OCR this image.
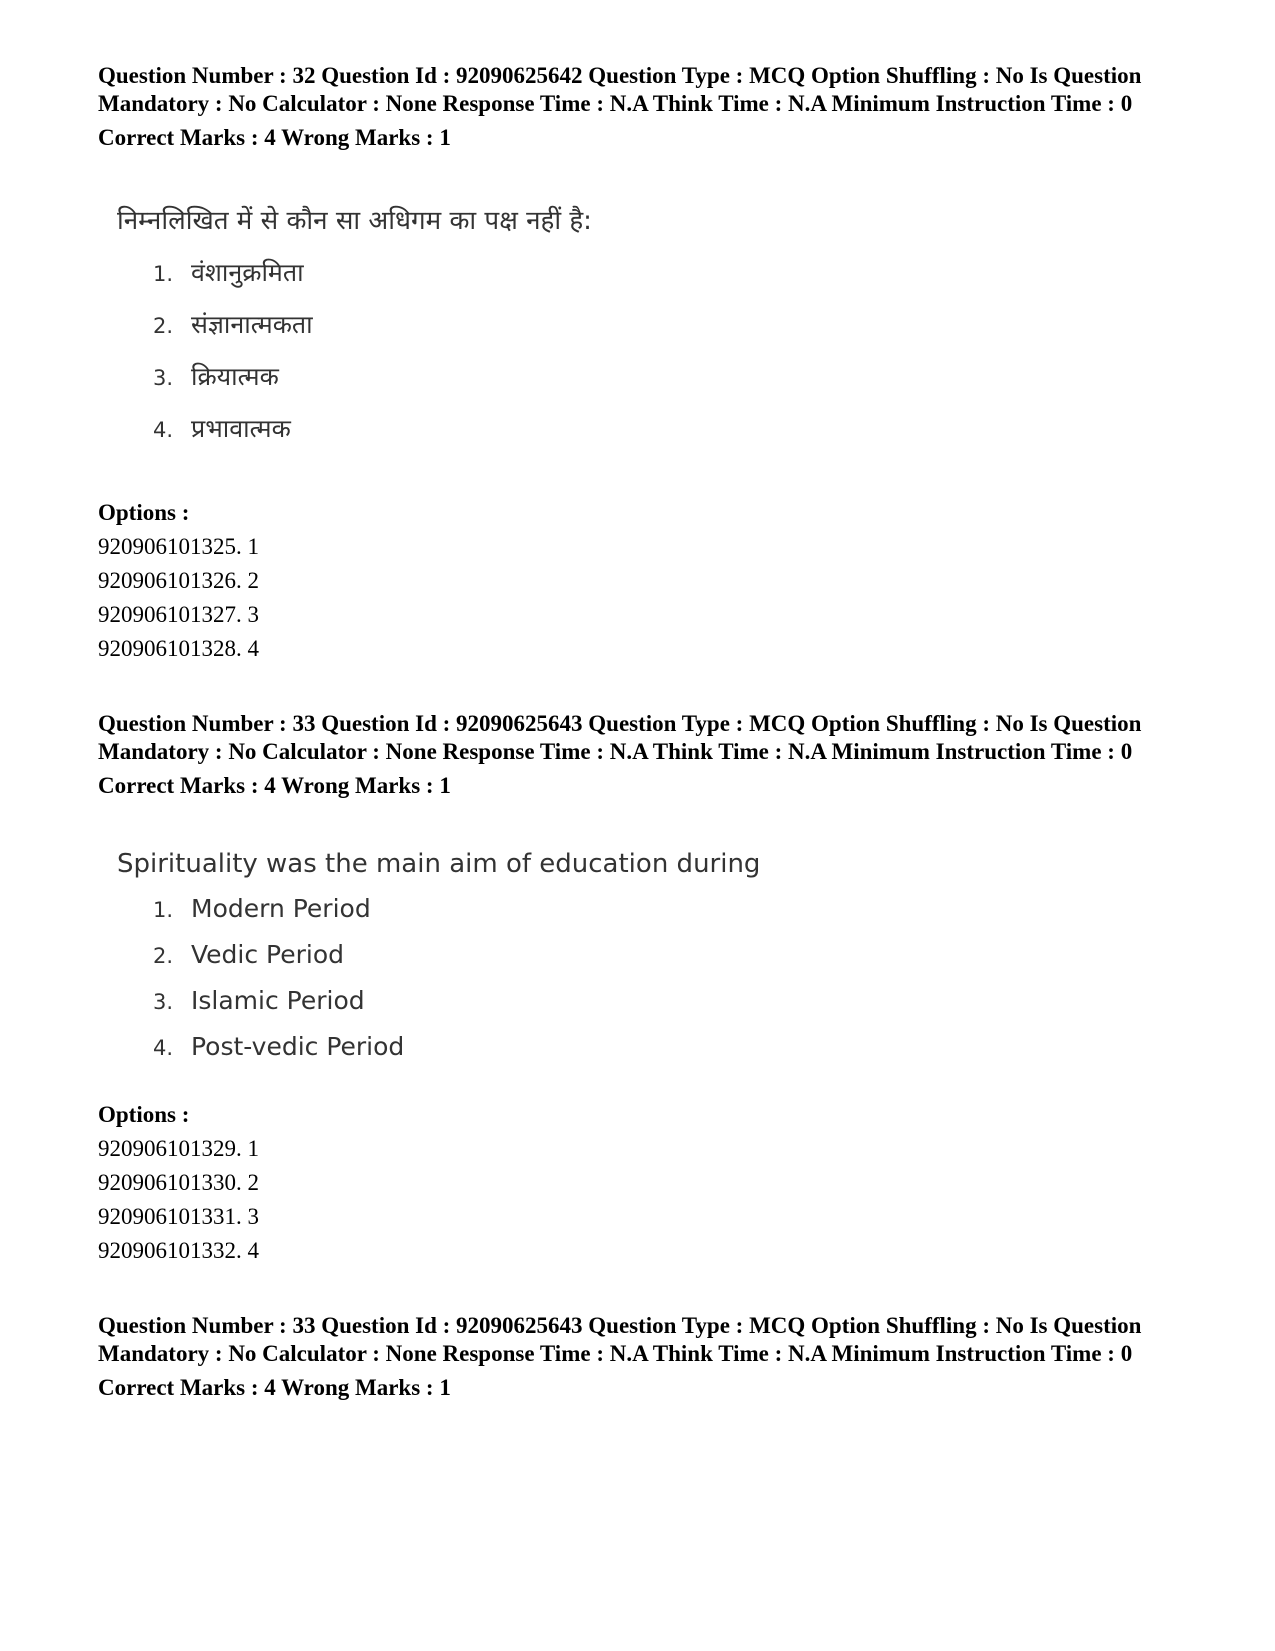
Question Number : 32 Question Id : 92090625642 Question Type : MCQ Option Shuffling : No Is Question Mandatory : No Calculator : None Response Time : N.A Think Time : N.A Minimum Instruction Time : 0
Correct Marks : 4 Wrong Marks : 1
निम्नलिखित में से कौन सा अधिगम का पक्ष नहीं है:
1. वंशानुक्रमिता
2. संज्ञानात्मकता
3. क्रियात्मक
4. प्रभावात्मक
Options :
920906101325. 1
920906101326. 2
920906101327. 3
920906101328. 4
Question Number : 33 Question Id : 92090625643 Question Type : MCQ Option Shuffling : No Is Question Mandatory : No Calculator : None Response Time : N.A Think Time : N.A Minimum Instruction Time : 0
Correct Marks : 4 Wrong Marks : 1
Spirituality was the main aim of education during
1. Modern Period
2. Vedic Period
3. Islamic Period
4. Post-vedic Period
Options :
920906101329. 1
920906101330. 2
920906101331. 3
920906101332. 4
Question Number : 33 Question Id : 92090625643 Question Type : MCQ Option Shuffling : No Is Question Mandatory : No Calculator : None Response Time : N.A Think Time : N.A Minimum Instruction Time : 0
Correct Marks : 4 Wrong Marks : 1
